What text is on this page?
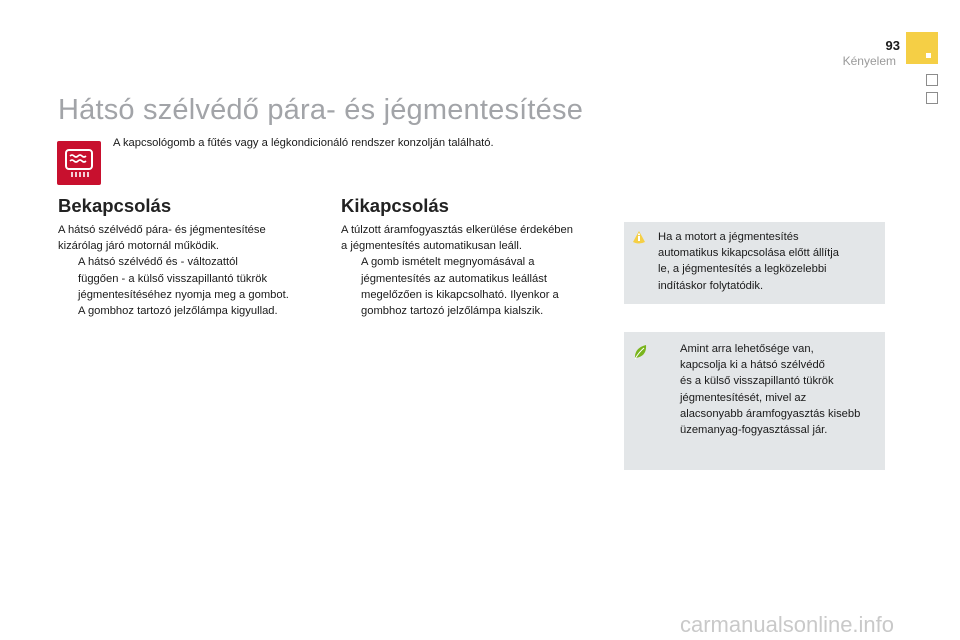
93
Kényelem
Hátsó szélvédő pára- és jégmentesítése
A kapcsológomb a fűtés vagy a légkondicionáló rendszer konzolján található.
Bekapcsolás

A hátsó szélvédő pára- és jégmentesítése

kizárólag járó motornál működik.

A hátsó szélvédő és - változattól

függően - a külső visszapillantó tükrök

jégmentesítéséhez nyomja meg a gombot.

A gombhoz tartozó jelzőlámpa kigyullad.

Kikapcsolás

A túlzott áramfogyasztás elkerülése érdekében

a jégmentesítés automatikusan leáll.

A gomb ismételt megnyomásával a

jégmentesítés az automatikus leállást

megelőzően is kikapcsolható. Ilyenkor a

gombhoz tartozó jelzőlámpa kialszik.

Ha a motort a jégmentesítés
automatikus kikapcsolása előtt állítja
le, a jégmentesítés a legközelebbi
indításkor folytatódik.
Amint arra lehetősége van,
kapcsolja ki a hátsó szélvédő
és a külső visszapillantó tükrök
jégmentesítését, mivel az
alacsonyabb áramfogyasztás kisebb
üzemanyag-fogyasztással jár.
carmanualsonline.info
